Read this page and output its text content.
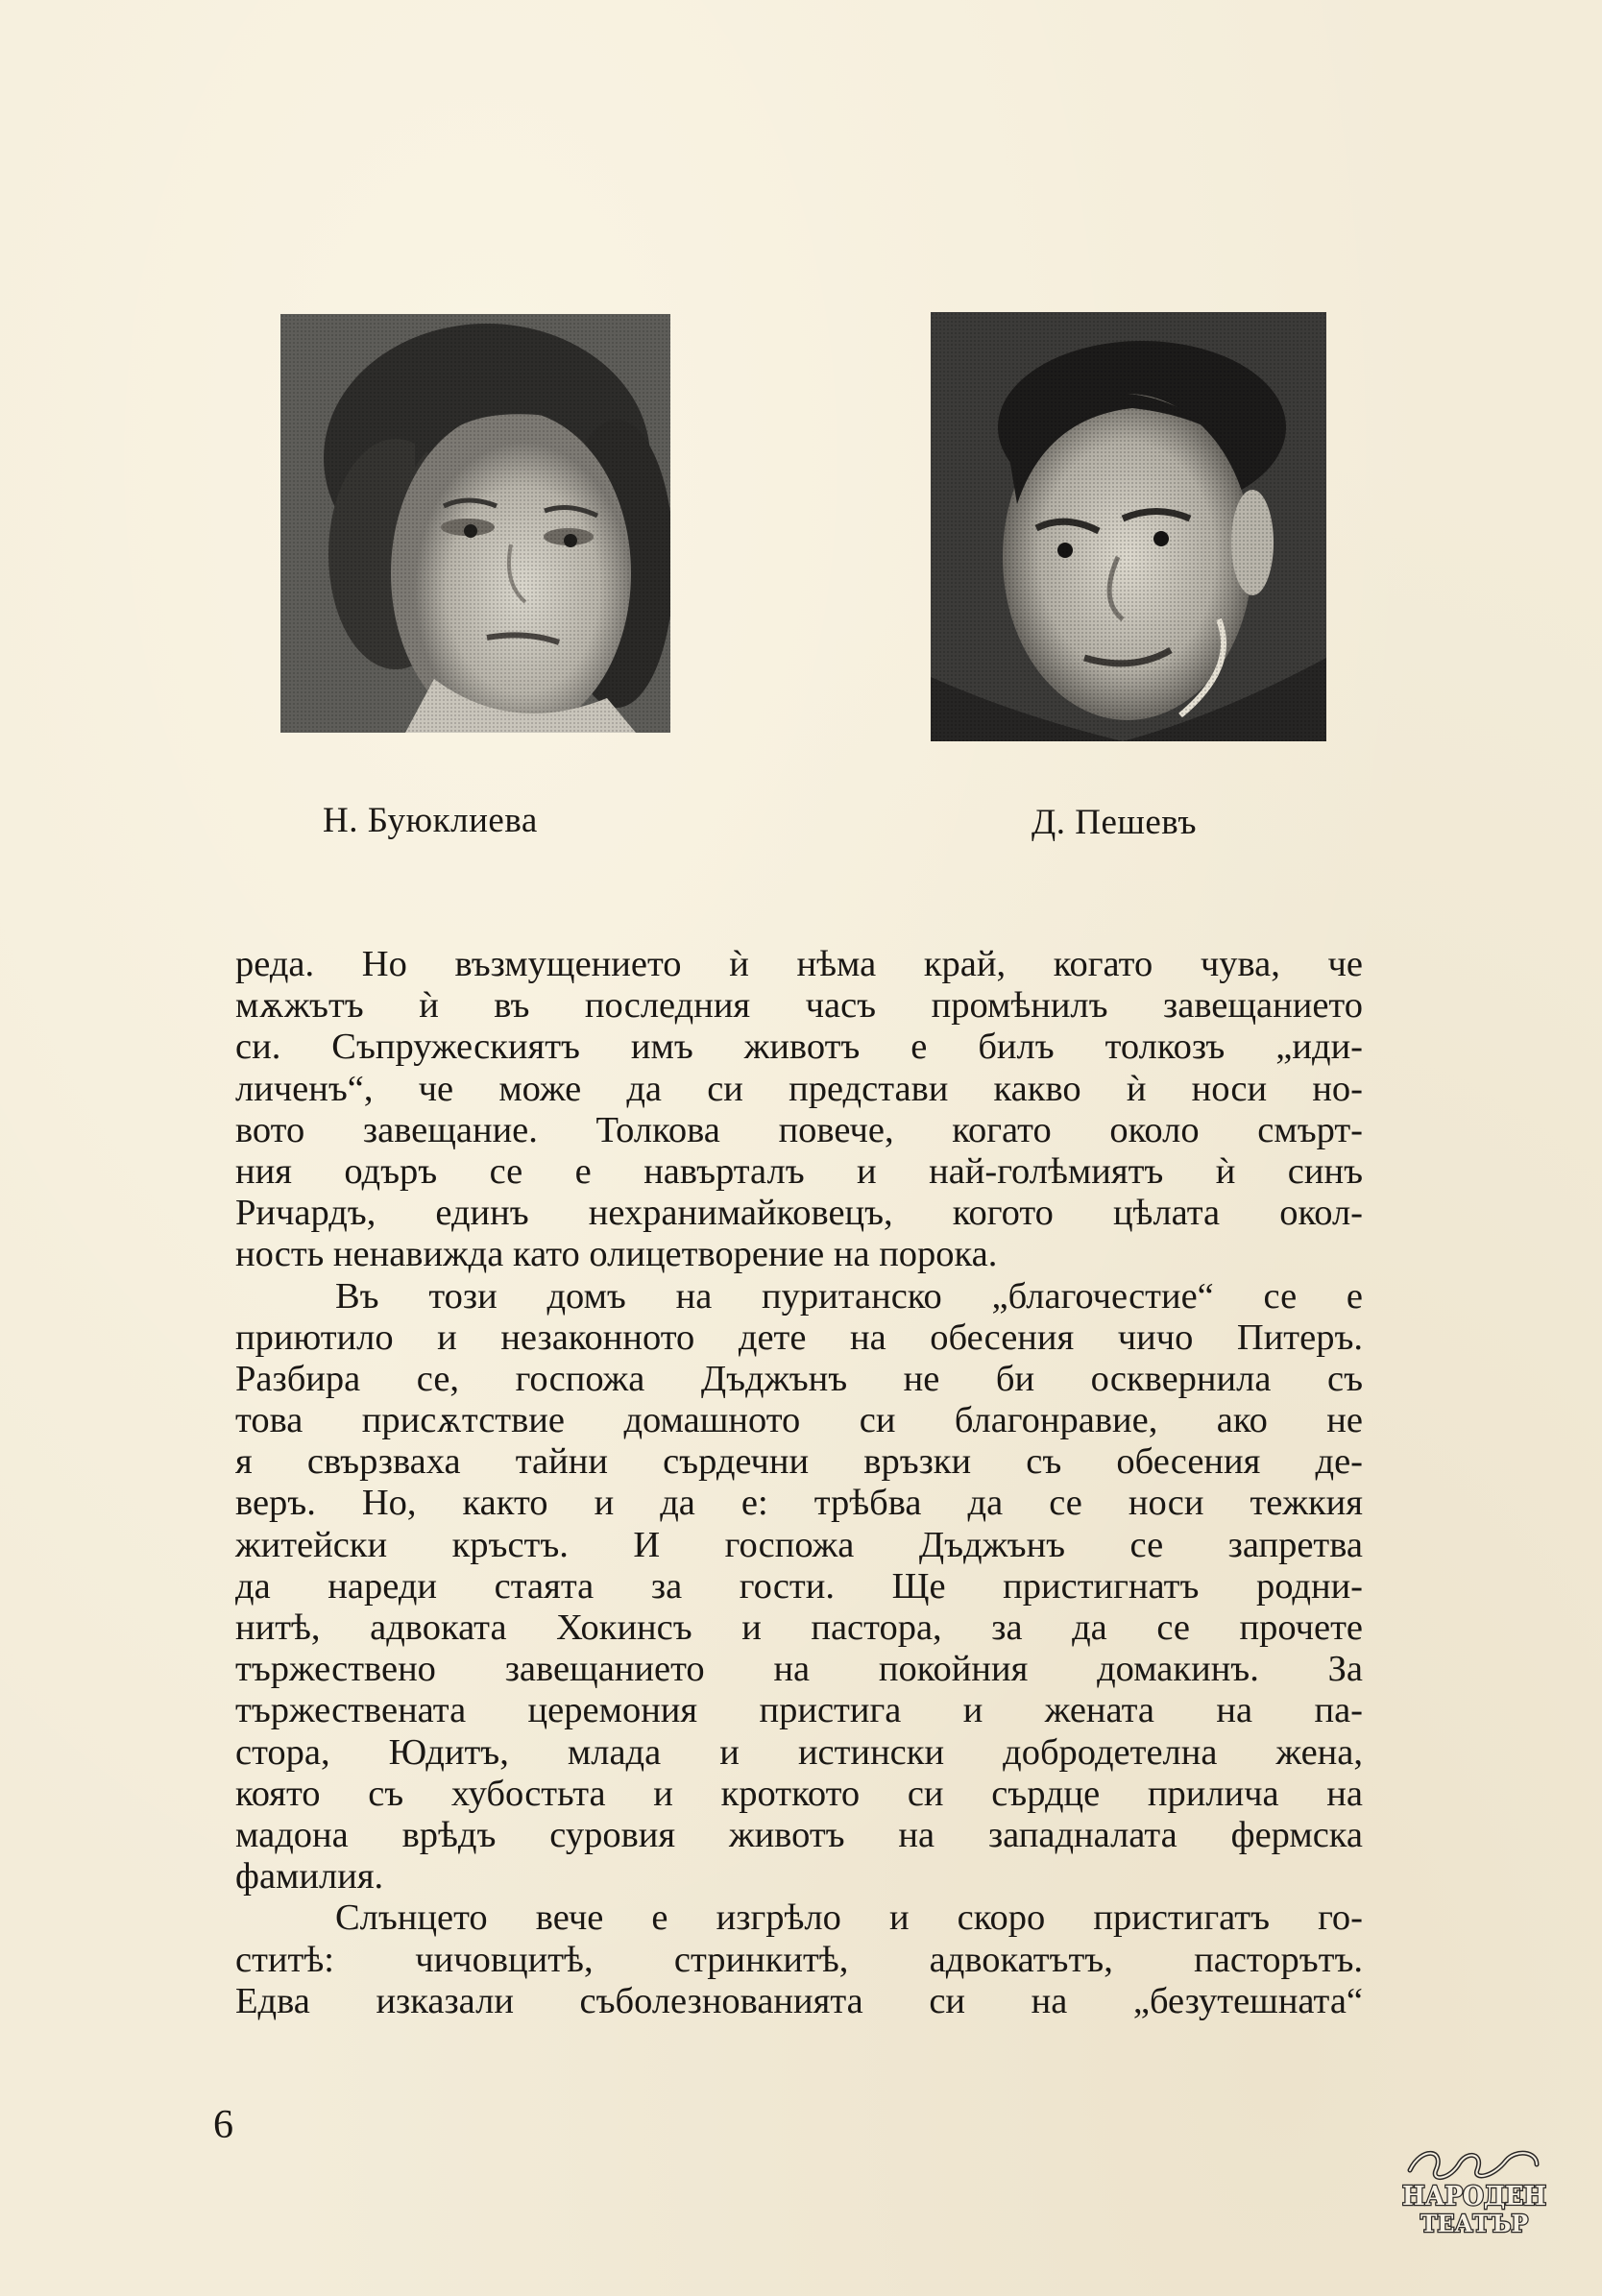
Н. Буюклиева	Д. Пешевъ
реда. Но възмущението ѝ нѣма край, когато чува, че
мѫжътъ ѝ въ последния часъ промѣнилъ завещанието
си. Съпружескиятъ имъ животъ е билъ толкозъ „иди-
личенъ“, че може да си представи какво ѝ носи но-
вото завещание. Толкова повече, когато около смърт-
ния одъръ се е навърталъ и най-голѣмиятъ ѝ синъ
Ричардъ, единъ нехранимайковецъ, когото цѣлата окол-
ность ненавижда като олицетворение на порока.
Въ този домъ на пуританско „благочестие“ се е
приютило и незаконното дете на обесения чичо Питеръ.
Разбира се, госпожа Дъджънъ не би осквернила съ
това присѫтствие домашното си благонравие, ако не
я свързваха тайни сърдечни връзки съ обесения де-
веръ. Но, както и да е: трѣбва да се носи тежкия
житейски кръстъ. И госпожа Дъджънъ се запретва
да нареди стаята за гости. Ще пристигнатъ родни-
нитѣ, адвоката Хокинсъ и пастора, за да се прочете
тържествено завещанието на покойния домакинъ. За
тържествената церемония пристига и жената на па-
стора, Юдитъ, млада и истински добродетелна жена,
която съ хубостьта и кроткото си сърдце прилича на
мадона врѣдъ суровия животъ на западналата фермска
фамилия.
Слънцето вече е изгрѣло и скоро пристигатъ го-
ститѣ: чичовцитѣ, стринкитѣ, адвокатътъ, пасторътъ.
Едва изказали съболезнованията си на „безутешната“
6
НАРОДЕН
ТЕАТЪР
